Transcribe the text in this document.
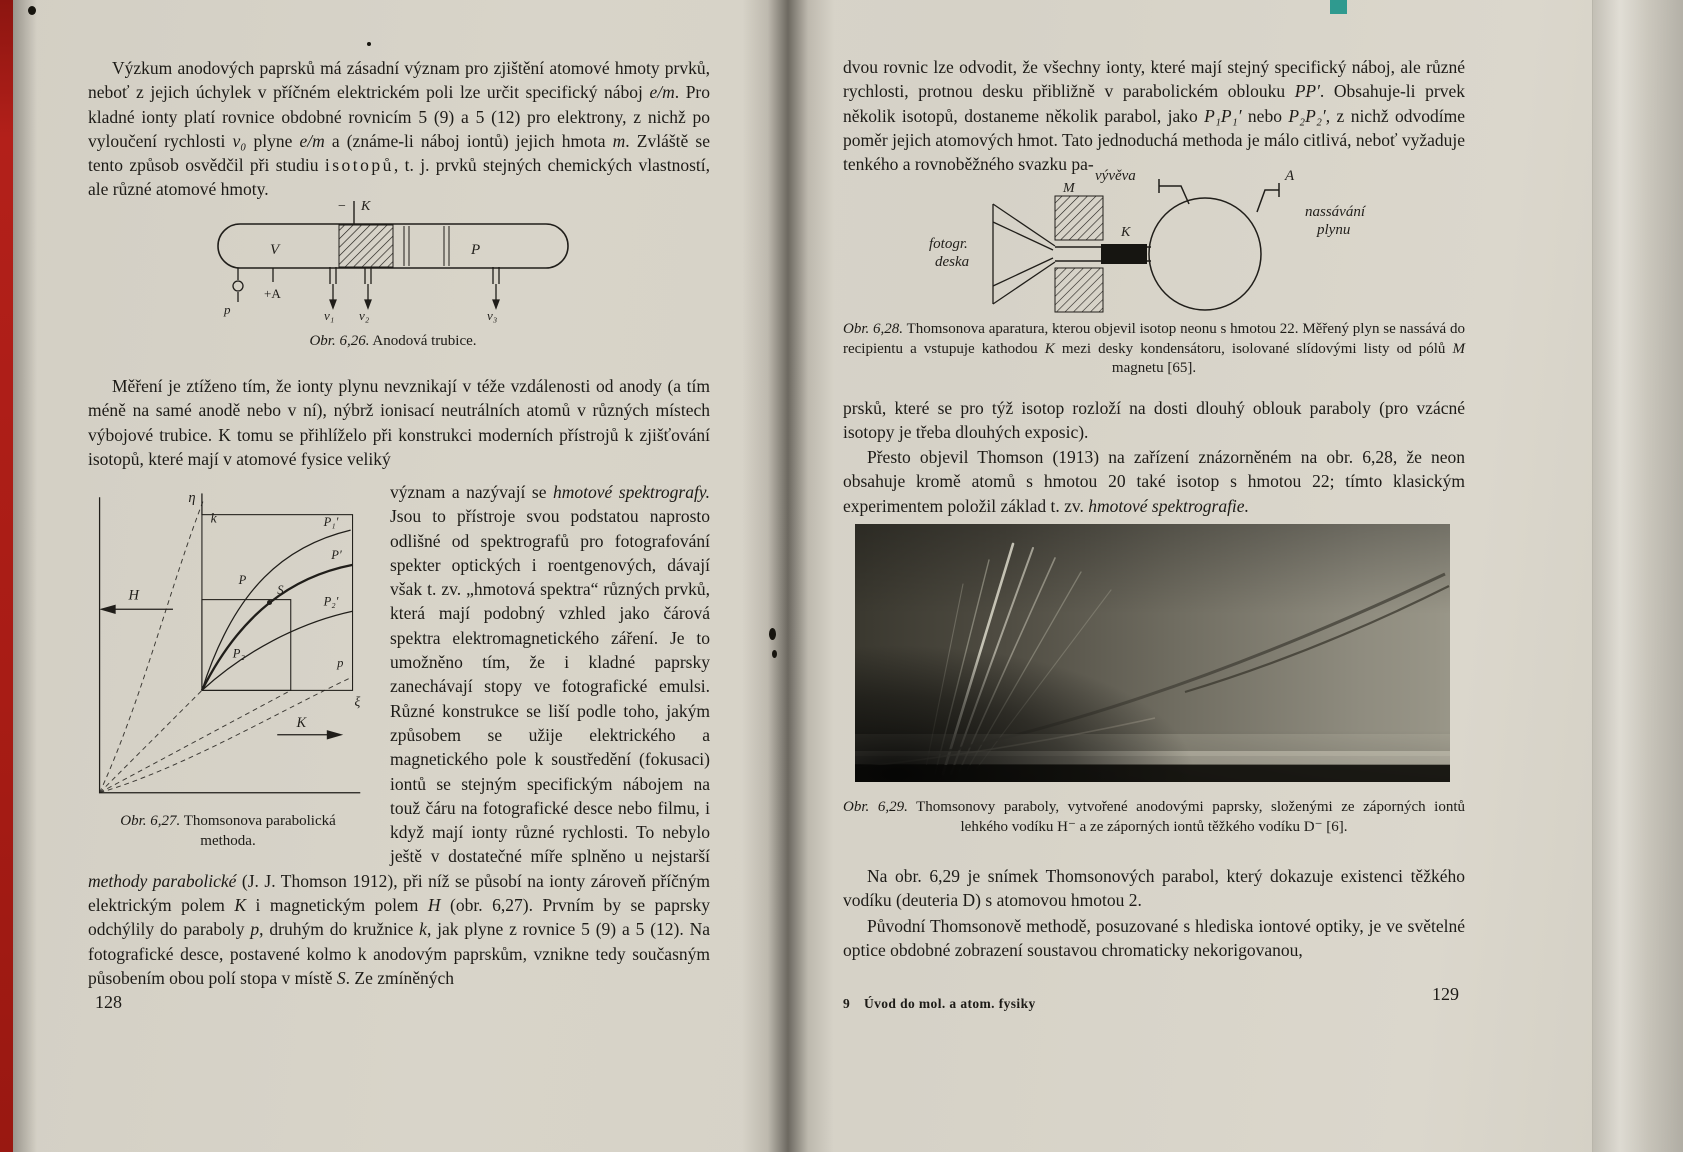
Výzkum anodových paprsků má zásadní význam pro zjištění atomové hmoty prvků, neboť z jejich úchylek v příčném elektrickém poli lze určit specifický náboj e/m. Pro kladné ionty platí rovnice obdobné rovnicím 5 (9) a 5 (12) pro elektrony, z nichž po vyloučení rychlosti v₀ plyne e/m a (známe-li náboj iontů) jejich hmota m. Zvláště se tento způsob osvědčil při studiu isotopů, t. j. prvků stejných chemických vlastností, ale různé atomové hmoty.
− K
V	P
p
+A
v₁ v₂	v₃
Obr. 6,26. Anodová trubice.
Měření je ztíženo tím, že ionty plynu nevznikají v téže vzdálenosti od anody (a tím méně na samé anodě nebo v ní), nýbrž ionisací neutrálních atomů v různých místech výbojové trubice. K tomu se přihlíželo při konstrukci moderních přístrojů k zjišťování isotopů, které mají v atomové fysice veliký
η
k
H
K
ξ
P₁′
P′
P₂′
P
P₂
S
p
Obr. 6,27. Thomsonova parabolická
methoda.
význam a nazývají se hmotové spektrografy. Jsou to přístroje svou podstatou naprosto odlišné od spektrografů pro fotografování spekter optických i roentgenových, dávají však t. zv. „hmotová spektra“ různých prvků, která mají podobný vzhled jako čárová spektra elektromagnetického záření. Je to umožněno tím, že i kladné paprsky zanechávají stopy ve fotografické emulsi. Různé konstrukce se liší podle toho, jakým způsobem se užije elektrického a magnetického pole k soustředění (fokusaci) iontů se stejným specifickým nábojem na touž čáru na fotografické desce nebo filmu, i když mají ionty různé rychlosti. To nebylo ještě v dostatečné míře splněno u nejstarší methody parabolické (J. J. Thomson 1912), při níž se působí na ionty zároveň příčným elektrickým polem K i magnetickým polem H (obr. 6,27). Prvním by se paprsky odchýlily do paraboly p, druhým do kružnice k, jak plyne z rovnice 5 (9) a 5 (12). Na fotografické desce, postavené kolmo k anodovým paprskům, vznikne tedy současným působením obou polí stopa v místě S. Ze zmíněných
128
dvou rovnic lze odvodit, že všechny ionty, které mají stejný specifický náboj, ale různé rychlosti, protnou desku přibližně v parabolickém oblouku PP′. Obsahuje-li prvek několik isotopů, dostaneme několik parabol, jako P₁P₁′ nebo P₂P₂′, z nichž odvodíme poměr jejich atomových hmot. Tato jednoduchá methoda je málo citlivá, neboť vyžaduje tenkého a rovnoběžného svazku pa-
vývěva	A
nassávání
plynu
fotogr.
deska
K
M
Obr. 6,28. Thomsonova aparatura, kterou objevil isotop neonu s hmotou 22. Měřený plyn se nassává do recipientu a vstupuje kathodou K mezi desky kondensátoru, isolované slídovými listy od pólů M magnetu [65].
prsků, které se pro týž isotop rozloží na dosti dlouhý oblouk paraboly (pro vzácné isotopy je třeba dlouhých exposic).
Přesto objevil Thomson (1913) na zařízení znázorněném na obr. 6,28, že neon obsahuje kromě atomů s hmotou 20 také isotop s hmotou 22; tímto klasickým experimentem položil základ t. zv. hmotové spektrografie.
Obr. 6,29. Thomsonovy paraboly, vytvořené anodovými paprsky, složenými ze záporných iontů lehkého vodíku H⁻ a ze záporných iontů těžkého vodíku D⁻ [6].
Na obr. 6,29 je snímek Thomsonových parabol, který dokazuje existenci těžkého vodíku (deuteria D) s atomovou hmotou 2.
Původní Thomsonově methodě, posuzované s hlediska iontové optiky, je ve světelné optice obdobné zobrazení soustavou chromaticky nekorigovanou,
9 Úvod do mol. a atom. fysiky	129
